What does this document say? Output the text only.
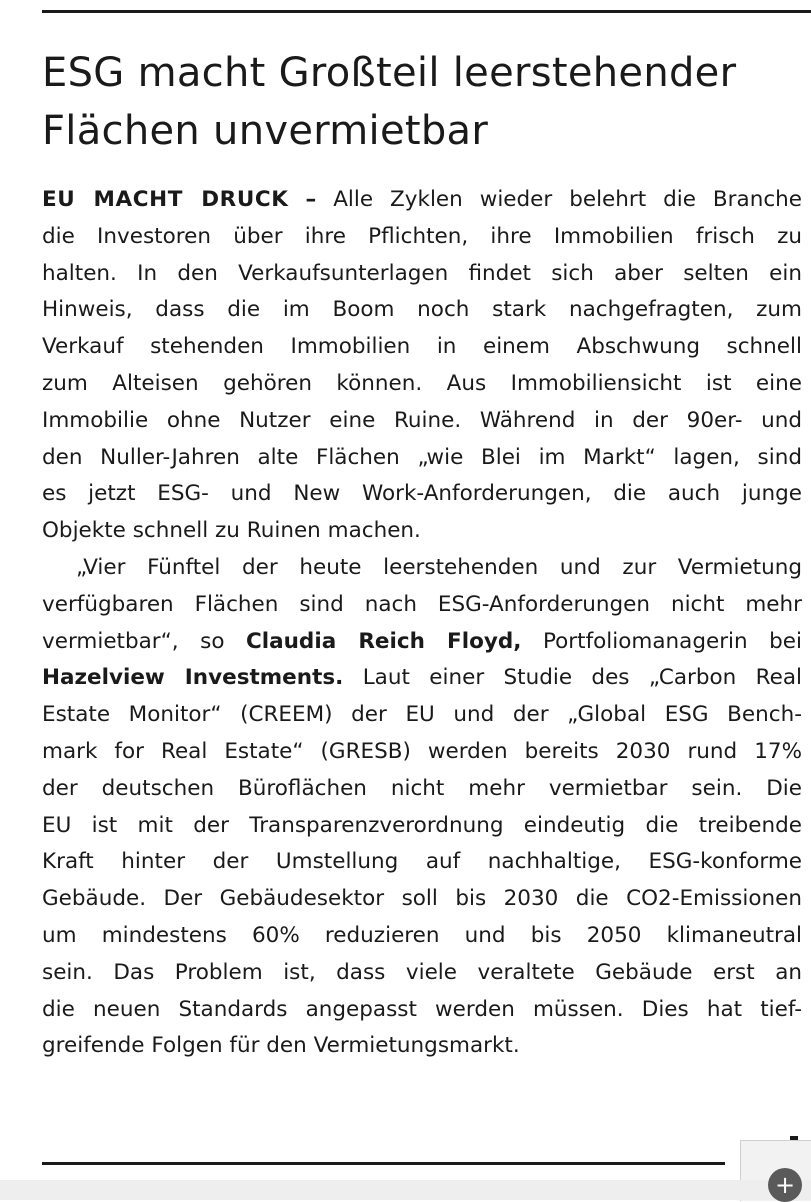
ESG macht Großteil leerstehender
Flächen unvermietbar
EU MACHT DRUCK – Alle Zyklen wieder belehrt die Branche
die Investoren über ihre Pflichten, ihre Immobilien frisch zu
halten. In den Verkaufsunterlagen findet sich aber selten ein
Hinweis, dass die im Boom noch stark nachgefragten, zum
Verkauf stehenden Immobilien in einem Abschwung schnell
zum Alteisen gehören können. Aus Immobiliensicht ist eine
Immobilie ohne Nutzer eine Ruine. Während in der 90er- und
den Nuller-Jahren alte Flächen „wie Blei im Markt“ lagen, sind
es jetzt ESG- und New Work-Anforderungen, die auch junge
Objekte schnell zu Ruinen machen.
„Vier Fünftel der heute leerstehenden und zur Vermietung
verfügbaren Flächen sind nach ESG-Anforderungen nicht mehr
vermietbar“, so Claudia Reich Floyd, Portfoliomanagerin bei
Hazelview Investments. Laut einer Studie des „Carbon Real
Estate Monitor“ (CREEM) der EU und der „Global ESG Bench-
mark for Real Estate“ (GRESB) werden bereits 2030 rund 17%
der deutschen Büroflächen nicht mehr vermietbar sein. Die
EU ist mit der Transparenzverordnung eindeutig die treibende
Kraft hinter der Umstellung auf nachhaltige, ESG-konforme
Gebäude. Der Gebäudesektor soll bis 2030 die CO2-Emissionen
um mindestens 60% reduzieren und bis 2050 klimaneutral
sein. Das Problem ist, dass viele veraltete Gebäude erst an
die neuen Standards angepasst werden müssen. Dies hat tief-
greifende Folgen für den Vermietungsmarkt.
+
